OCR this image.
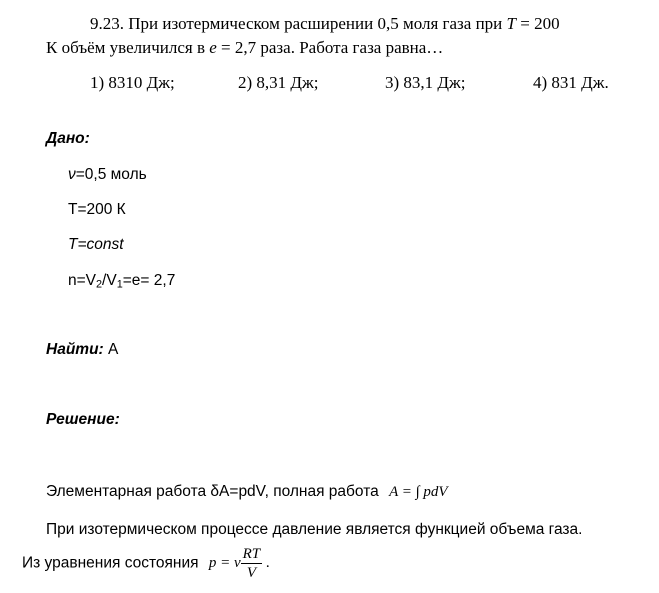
9.23. При изотермическом расширении 0,5 моля газа при T = 200
К объём увеличился в e = 2,7 раза. Работа газа равна…
1) 8310 Дж;	2) 8,31 Дж;	3) 83,1 Дж;	4) 831 Дж.
Дано:
ν=0,5 моль
T=200 К
T=const
$n=V_2/V_1=e= 2,7$
Найти: А
Решение:
Элементарная работа δA=pdV, полная работа A = ∫ pdV
При изотермическом процессе давление является функцией объема газа.
Из уравнения состояния p = ν $\frac{RT}{V}$ .
